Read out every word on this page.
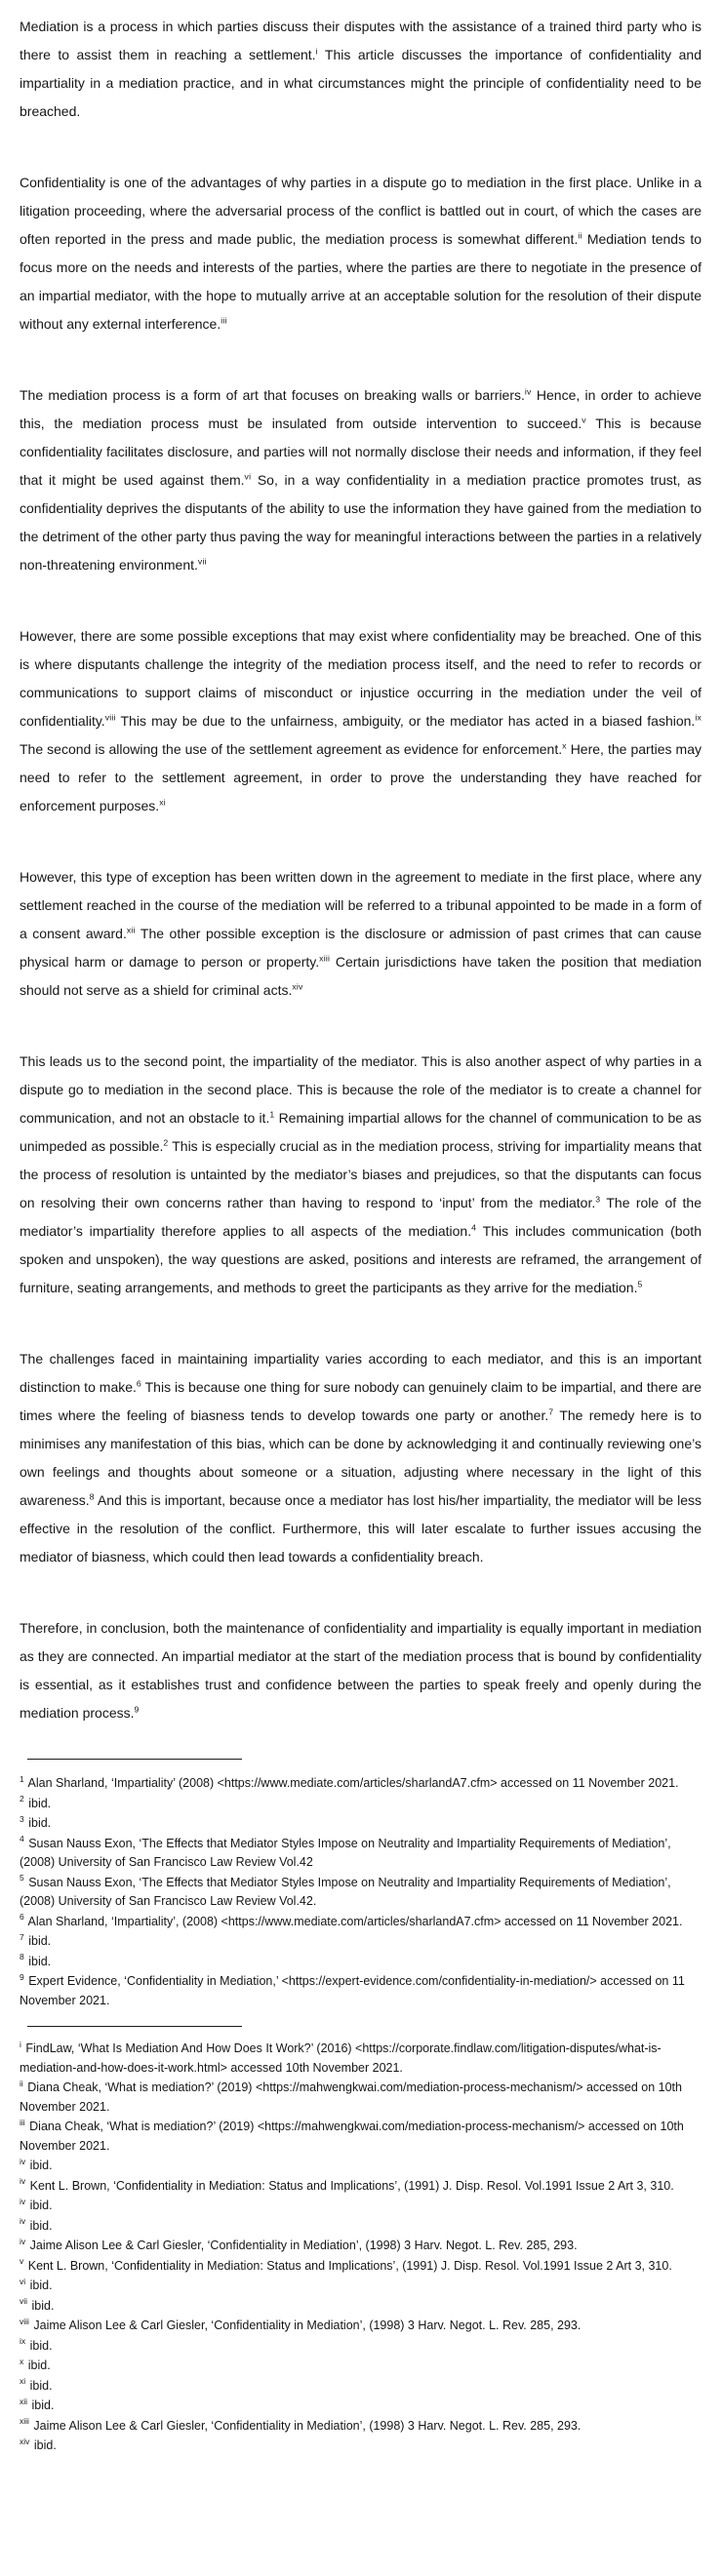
Mediation is a process in which parties discuss their disputes with the assistance of a trained third party who is there to assist them in reaching a settlement.$^i$ This article discusses the importance of confidentiality and impartiality in a mediation practice, and in what circumstances might the principle of confidentiality need to be breached.

Confidentiality is one of the advantages of why parties in a dispute go to mediation in the first place. Unlike in a litigation proceeding, where the adversarial process of the conflict is battled out in court, of which the cases are often reported in the press and made public, the mediation process is somewhat different.$^{ii}$ Mediation tends to focus more on the needs and interests of the parties, where the parties are there to negotiate in the presence of an impartial mediator, with the hope to mutually arrive at an acceptable solution for the resolution of their dispute without any external interference.$^{iii}$

The mediation process is a form of art that focuses on breaking walls or barriers.$^{iv}$ Hence, in order to achieve this, the mediation process must be insulated from outside intervention to succeed.$^v$ This is because confidentiality facilitates disclosure, and parties will not normally disclose their needs and information, if they feel that it might be used against them.$^{vi}$ So, in a way confidentiality in a mediation practice promotes trust, as confidentiality deprives the disputants of the ability to use the information they have gained from the mediation to the detriment of the other party thus paving the way for meaningful interactions between the parties in a relatively non-threatening environment.$^{vii}$

However, there are some possible exceptions that may exist where confidentiality may be breached. One of this is where disputants challenge the integrity of the mediation process itself, and the need to refer to records or communications to support claims of misconduct or injustice occurring in the mediation under the veil of confidentiality.$^{viii}$ This may be due to the unfairness, ambiguity, or the mediator has acted in a biased fashion.$^{ix}$ The second is allowing the use of the settlement agreement as evidence for enforcement.$^x$ Here, the parties may need to refer to the settlement agreement, in order to prove the understanding they have reached for enforcement purposes.$^{xi}$

However, this type of exception has been written down in the agreement to mediate in the first place, where any settlement reached in the course of the mediation will be referred to a tribunal appointed to be made in a form of a consent award.$^{xii}$ The other possible exception is the disclosure or admission of past crimes that can cause physical harm or damage to person or property.$^{xiii}$ Certain jurisdictions have taken the position that mediation should not serve as a shield for criminal acts.$^{xiv}$

This leads us to the second point, the impartiality of the mediator. This is also another aspect of why parties in a dispute go to mediation in the second place. This is because the role of the mediator is to create a channel for communication, and not an obstacle to it.$^1$ Remaining impartial allows for the channel of communication to be as unimpeded as possible.$^2$ This is especially crucial as in the mediation process, striving for impartiality means that the process of resolution is untainted by the mediator’s biases and prejudices, so that the disputants can focus on resolving their own concerns rather than having to respond to ‘input’ from the mediator.$^3$ The role of the mediator’s impartiality therefore applies to all aspects of the mediation.$^4$ This includes communication (both spoken and unspoken), the way questions are asked, positions and interests are reframed, the arrangement of furniture, seating arrangements, and methods to greet the participants as they arrive for the mediation.$^5$

The challenges faced in maintaining impartiality varies according to each mediator, and this is an important distinction to make.$^6$ This is because one thing for sure nobody can genuinely claim to be impartial, and there are times where the feeling of biasness tends to develop towards one party or another.$^7$ The remedy here is to minimises any manifestation of this bias, which can be done by acknowledging it and continually reviewing one’s own feelings and thoughts about someone or a situation, adjusting where necessary in the light of this awareness.$^8$ And this is important, because once a mediator has lost his/her impartiality, the mediator will be less effective in the resolution of the conflict. Furthermore, this will later escalate to further issues accusing the mediator of biasness, which could then lead towards a confidentiality breach.

Therefore, in conclusion, both the maintenance of confidentiality and impartiality is equally important in mediation as they are connected. An impartial mediator at the start of the mediation process that is bound by confidentiality is essential, as it establishes trust and confidence between the parties to speak freely and openly during the mediation process.$^9$

$^1$ Alan Sharland, ‘Impartiality’ (2008) <https://www.mediate.com/articles/sharlandA7.cfm> accessed on 11 November 2021.
$^2$ ibid.
$^3$ ibid.
$^4$ Susan Nauss Exon, ‘The Effects that Mediator Styles Impose on Neutrality and Impartiality Requirements of Mediation’, (2008) University of San Francisco Law Review Vol.42
$^5$ Susan Nauss Exon, ‘The Effects that Mediator Styles Impose on Neutrality and Impartiality Requirements of Mediation’, (2008) University of San Francisco Law Review Vol.42.
$^6$ Alan Sharland, ‘Impartiality’, (2008) <https://www.mediate.com/articles/sharlandA7.cfm> accessed on 11 November 2021.
$^7$ ibid.
$^8$ ibid.
$^9$ Expert Evidence, ‘Confidentiality in Mediation,’ <https://expert-evidence.com/confidentiality-in-mediation/> accessed on 11 November 2021.
$^i$ FindLaw, ‘What Is Mediation And How Does It Work?’ (2016) <https://corporate.findlaw.com/litigation-disputes/what-is-mediation-and-how-does-it-work.html> accessed 10th November 2021.
$^{ii}$ Diana Cheak, ‘What is mediation?’ (2019) <https://mahwengkwai.com/mediation-process-mechanism/> accessed on 10th November 2021.
$^{iii}$ Diana Cheak, ‘What is mediation?’ (2019) <https://mahwengkwai.com/mediation-process-mechanism/> accessed on 10th November 2021.
$^{iv}$ ibid.
$^{iv}$ Kent L. Brown, ‘Confidentiality in Mediation: Status and Implications’, (1991) J. Disp. Resol. Vol.1991 Issue 2 Art 3, 310.
$^{iv}$ ibid.
$^{iv}$ ibid.
$^{iv}$ Jaime Alison Lee & Carl Giesler, ‘Confidentiality in Mediation’, (1998) 3 Harv. Negot. L. Rev. 285, 293.
$^v$ Kent L. Brown, ‘Confidentiality in Mediation: Status and Implications’, (1991) J. Disp. Resol. Vol.1991 Issue 2 Art 3, 310.
$^{vi}$ ibid.
$^{vii}$ ibid.
$^{viii}$ Jaime Alison Lee & Carl Giesler, ‘Confidentiality in Mediation’, (1998) 3 Harv. Negot. L. Rev. 285, 293.
$^{ix}$ ibid.
$^x$ ibid.
$^{xi}$ ibid.
$^{xii}$ ibid.
$^{xiii}$ Jaime Alison Lee & Carl Giesler, ‘Confidentiality in Mediation’, (1998) 3 Harv. Negot. L. Rev. 285, 293.
$^{xiv}$ ibid.
